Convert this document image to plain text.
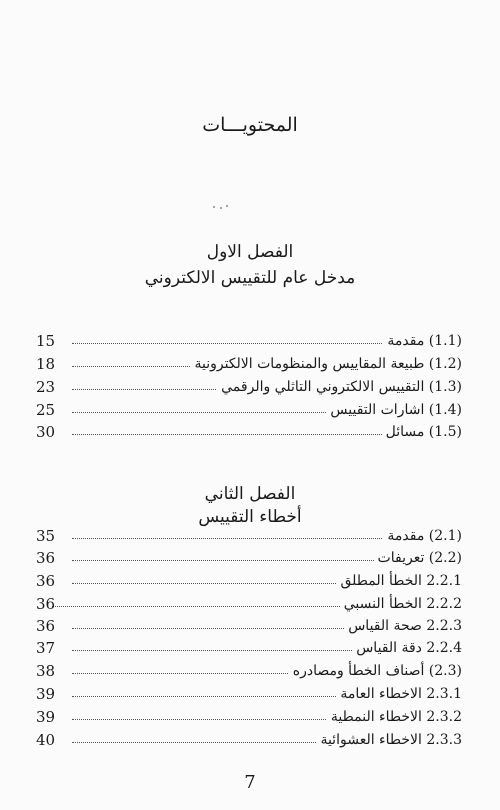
المحتويـــات
الفصل الاول
مدخل عام للتقييس الالكتروني
15	(1.1) مقدمة
18	(1.2) طبيعة المقاييس والمنظومات الالكترونية
23	(1.3) التقييس الالكتروني التاثلي والرقمي
25	(1.4) اشارات التقييس
30	(1.5) مسائل
الفصل الثاني
أخطاء التقييس
35	(2.1) مقدمة
36	(2.2) تعريفات
36	2.2.1 الخطأ المطلق
36	2.2.2 الخطأ النسبي
36	2.2.3 صحة القياس
37	2.2.4 دقة القياس
38	(2.3) أصناف الخطأ ومصادره
39	2.3.1 الاخطاء العامة
39	2.3.2 الاخطاء النمطية
40	2.3.3 الاخطاء العشوائية
7
